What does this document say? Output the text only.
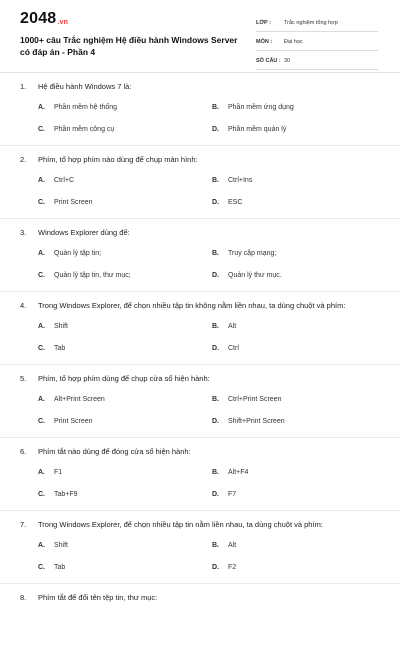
2048 .vn
1000+ câu Trắc nghiệm Hệ điều hành Windows Server có đáp án - Phần 4
LỚP :	Trắc nghiệm tổng hợp
MÔN :	Đại học
SỐ CÂU : 30
1. Hệ điều hành Windows 7 là:
A. Phần mềm hệ thống	B. Phần mềm ứng dụng
C. Phần mềm công cụ	D. Phần mềm quản lý
2. Phím, tổ hợp phím nào dùng để chụp màn hình:
A. Ctrl+C	B. Ctrl+Ins
C. Print Screen	D. ESC
3. Windows Explorer dùng để:
A. Quản lý tập tin;	B. Truy cập mạng;
C. Quản lý tập tin, thư mục;	D. Quản lý thư mục.
4. Trong Windows Explorer, để chọn nhiều tập tin không nằm liền nhau, ta dùng chuột và phím:
A. Shift	B. Alt
C. Tab	D. Ctrl
5. Phím, tổ hợp phím dùng để chụp cửa sổ hiện hành:
A. Alt+Print Screen	B. Ctrl+Print Screen
C. Print Screen	D. Shift+Print Screen
6. Phím tắt nào dùng để đóng cửa sổ hiện hành:
A. F1	B. Alt+F4
C. Tab+F9	D. F7
7. Trong Windows Explorer, để chọn nhiều tập tin nằm liền nhau, ta dùng chuột và phím:
A. Shift	B. Alt
C. Tab	D. F2
8. Phím tắt để đổi tên tệp tin, thư mục:
